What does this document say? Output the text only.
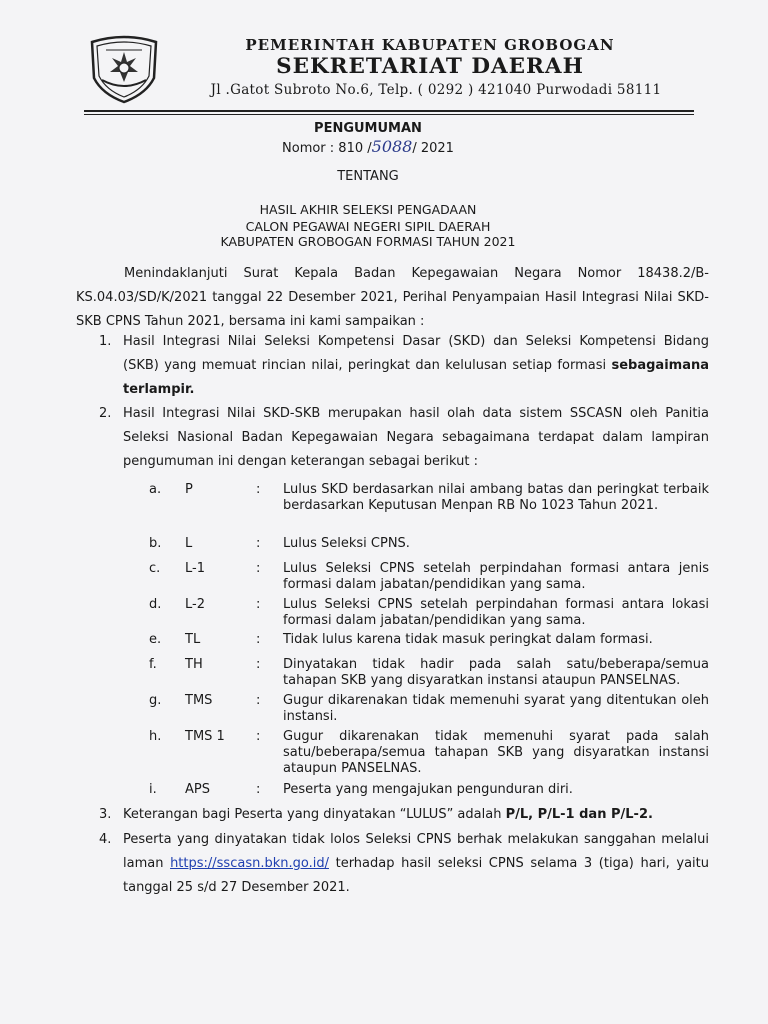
PEMERINTAH KABUPATEN GROBOGAN
SEKRETARIAT DAERAH
Jl .Gatot Subroto No.6, Telp. ( 0292 ) 421040 Purwodadi 58111
PENGUMUMAN
Nomor : 810 /5088/ 2021
TENTANG
HASIL AKHIR SELEKSI PENGADAAN
CALON PEGAWAI NEGERI SIPIL DAERAH
KABUPATEN GROBOGAN FORMASI TAHUN 2021
Menindaklanjuti Surat Kepala Badan Kepegawaian Negara Nomor 18438.2/B-KS.04.03/SD/K/2021 tanggal 22 Desember 2021, Perihal Penyampaian Hasil Integrasi Nilai SKD-SKB CPNS Tahun 2021, bersama ini kami sampaikan :
1. Hasil Integrasi Nilai Seleksi Kompetensi Dasar (SKD) dan Seleksi Kompetensi Bidang (SKB) yang memuat rincian nilai, peringkat dan kelulusan setiap formasi sebagaimana terlampir.
2. Hasil Integrasi Nilai SKD-SKB merupakan hasil olah data sistem SSCASN oleh Panitia Seleksi Nasional Badan Kepegawaian Negara sebagaimana terdapat dalam lampiran pengumuman ini dengan keterangan sebagai berikut :
a. P	: Lulus SKD berdasarkan nilai ambang batas dan peringkat terbaik berdasarkan Keputusan Menpan RB No 1023 Tahun 2021.
b. L	: Lulus Seleksi CPNS.
c. L-1	: Lulus Seleksi CPNS setelah perpindahan formasi antara jenis formasi dalam jabatan/pendidikan yang sama.
d. L-2	: Lulus Seleksi CPNS setelah perpindahan formasi antara lokasi formasi dalam jabatan/pendidikan yang sama.
e. TL	: Tidak lulus karena tidak masuk peringkat dalam formasi.
f. TH	: Dinyatakan tidak hadir pada salah satu/beberapa/semua tahapan SKB yang disyaratkan instansi ataupun PANSELNAS.
g. TMS	: Gugur dikarenakan tidak memenuhi syarat yang ditentukan oleh instansi.
h. TMS 1 : Gugur dikarenakan tidak memenuhi syarat pada salah satu/beberapa/semua tahapan SKB yang disyaratkan instansi ataupun PANSELNAS.
i. APS	: Peserta yang mengajukan pengunduran diri.
3. Keterangan bagi Peserta yang dinyatakan “LULUS” adalah P/L, P/L-1 dan P/L-2.
4. Peserta yang dinyatakan tidak lolos Seleksi CPNS berhak melakukan sanggahan melalui laman https://sscasn.bkn.go.id/ terhadap hasil seleksi CPNS selama 3 (tiga) hari, yaitu tanggal 25 s/d 27 Desember 2021.
